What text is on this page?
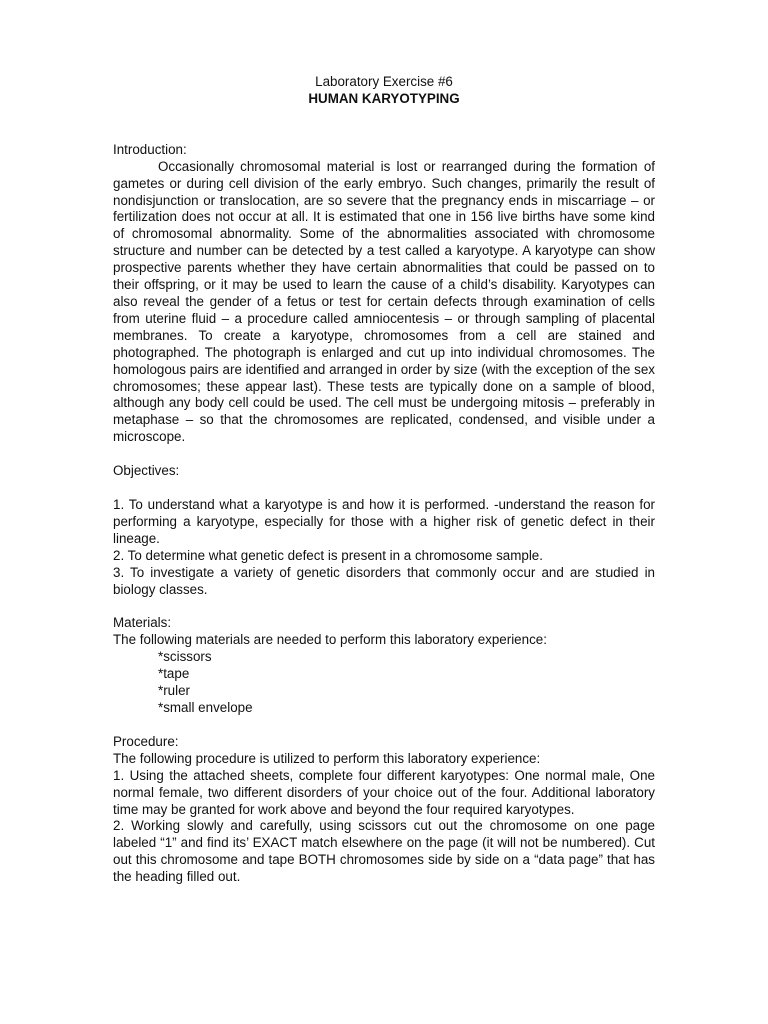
Laboratory Exercise #6
HUMAN KARYOTYPING
Introduction:

Occasionally chromosomal material is lost or rearranged during the formation of gametes or during cell division of the early embryo. Such changes, primarily the result of nondisjunction or translocation, are so severe that the pregnancy ends in miscarriage – or fertilization does not occur at all. It is estimated that one in 156 live births have some kind of chromosomal abnormality. Some of the abnormalities associated with chromosome structure and number can be detected by a test called a karyotype. A karyotype can show prospective parents whether they have certain abnormalities that could be passed on to their offspring, or it may be used to learn the cause of a child’s disability. Karyotypes can also reveal the gender of a fetus or test for certain defects through examination of cells from uterine fluid – a procedure called amniocentesis – or through sampling of placental membranes. To create a karyotype, chromosomes from a cell are stained and photographed. The photograph is enlarged and cut up into individual chromosomes. The homologous pairs are identified and arranged in order by size (with the exception of the sex chromosomes; these appear last). These tests are typically done on a sample of blood, although any body cell could be used. The cell must be undergoing mitosis – preferably in metaphase – so that the chromosomes are replicated, condensed, and visible under a microscope.

Objectives:

1. To understand what a karyotype is and how it is performed. -understand the reason for performing a karyotype, especially for those with a higher risk of genetic defect in their lineage.

2. To determine what genetic defect is present in a chromosome sample.

3. To investigate a variety of genetic disorders that commonly occur and are studied in biology classes.

Materials:

The following materials are needed to perform this laboratory experience:

*scissors
*tape
*ruler
*small envelope
Procedure:

The following procedure is utilized to perform this laboratory experience:

1. Using the attached sheets, complete four different karyotypes: One normal male, One normal female, two different disorders of your choice out of the four. Additional laboratory time may be granted for work above and beyond the four required karyotypes.

2. Working slowly and carefully, using scissors cut out the chromosome on one page labeled “1” and find its’ EXACT match elsewhere on the page (it will not be numbered). Cut out this chromosome and tape BOTH chromosomes side by side on a “data page” that has the heading filled out.
